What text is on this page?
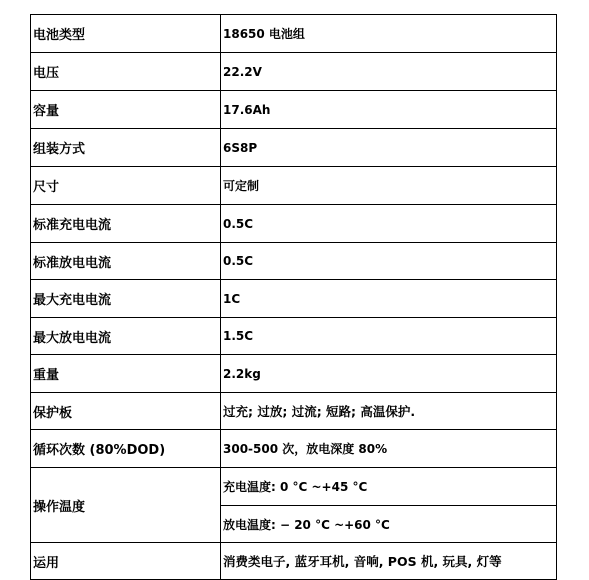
电池类型	18650 电池组
电压	22.2V
容量	17.6Ah
组装方式	6S8P
尺寸	可定制
标准充电电流	0.5C
标准放电电流	0.5C
最大充电电流	1C
最大放电电流	1.5C
重量	2.2kg
保护板	过充; 过放; 过流; 短路; 高温保护.
循环次数 (80%DOD)	300-500 次，放电深度 80%
操作温度	充电温度: 0 °C ~+45 °C
	放电温度: − 20 °C ~+60 °C
运用	消费类电子, 蓝牙耳机, 音响, POS 机, 玩具, 灯等
